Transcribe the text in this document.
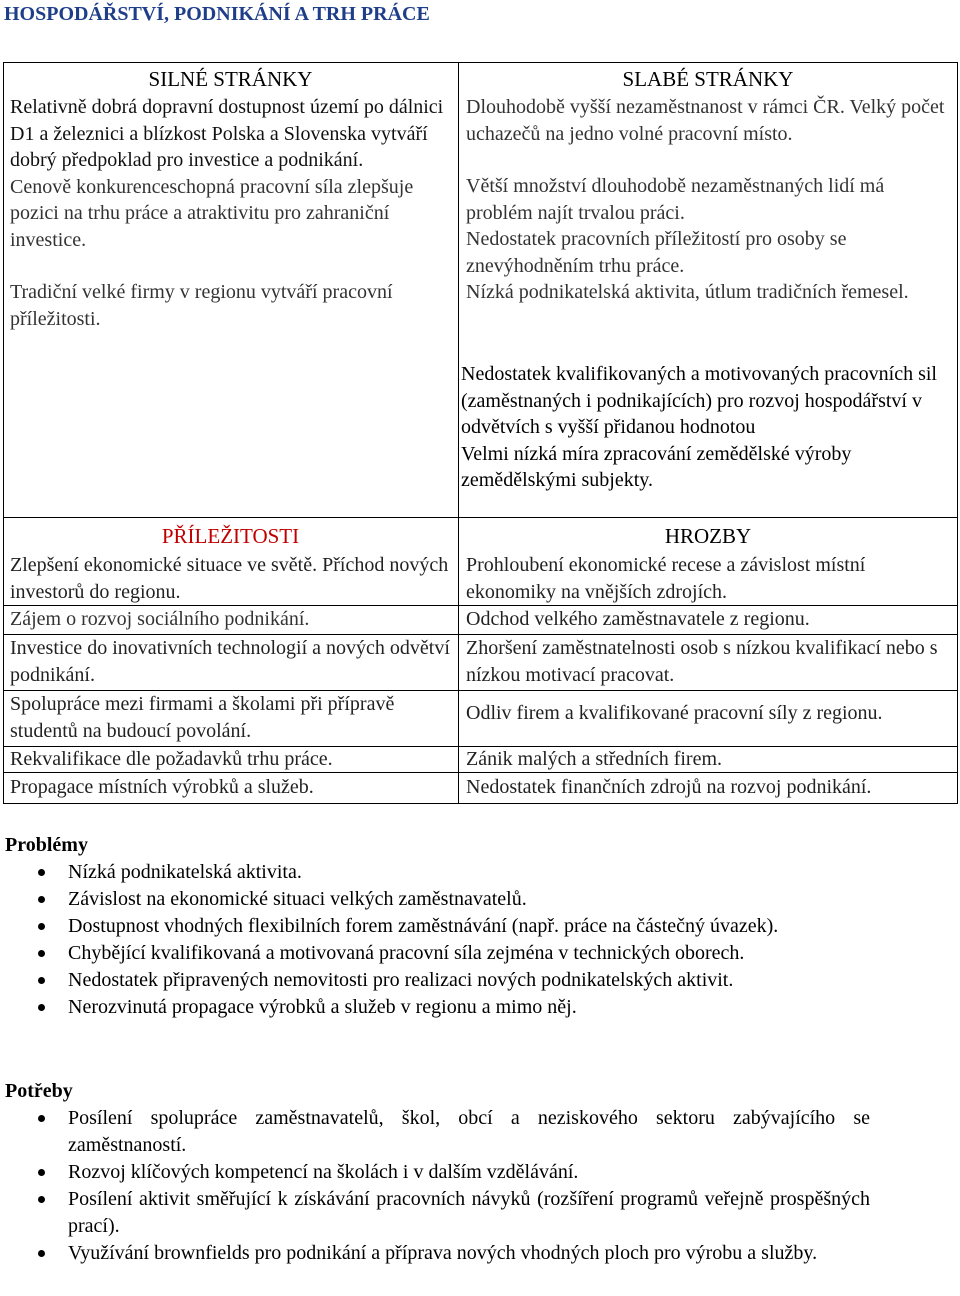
HOSPODÁŘSTVÍ, PODNIKÁNÍ A TRH PRÁCE
SILNÉ STRÁNKY

Relativně dobrá dopravní dostupnost území po dálnici D1 a železnici a blízkost Polska a Slovenska vytváří dobrý předpoklad pro investice a podnikání.

Cenově konkurenceschopná pracovní síla zlepšuje pozici na trhu práce a atraktivitu pro zahraniční investice.

Tradiční velké firmy v regionu vytváří pracovní příležitosti.

SLABÉ STRÁNKY

Dlouhodobě vyšší nezaměstnanost v rámci ČR. Velký počet uchazečů na jedno volné pracovní místo.

Větší množství dlouhodobě nezaměstnaných lidí má problém najít trvalou práci.

Nedostatek pracovních příležitostí pro osoby se znevýhodněním trhu práce.

Nízká podnikatelská aktivita, útlum tradičních řemesel.

Nedostatek kvalifikovaných a motivovaných pracovních sil (zaměstnaných i podnikajících) pro rozvoj hospodářství v odvětvích s vyšší přidanou hodnotou

Velmi nízká míra zpracování zemědělské výroby zemědělskými subjekty.

PŘÍLEŽITOSTI
Zlepšení ekonomické situace ve světě. Příchod nových investorů do regionu.
Zájem o rozvoj sociálního podnikání.
Investice do inovativních technologií a nových odvětví podnikání.
Spolupráce mezi firmami a školami při přípravě studentů na budoucí povolání.
Rekvalifikace dle požadavků trhu práce.
Propagace místních výrobků a služeb.
HROZBY
Prohloubení ekonomické recese a závislost místní ekonomiky na vnějších zdrojích.
Odchod velkého zaměstnavatele z regionu.
Zhoršení zaměstnatelnosti osob s nízkou kvalifikací nebo s nízkou motivací pracovat.
Odliv firem a kvalifikované pracovní síly z regionu.
Zánik malých a středních firem.
Nedostatek finančních zdrojů na rozvoj podnikání.
Problémy
Nízká podnikatelská aktivita.
Závislost na ekonomické situaci velkých zaměstnavatelů.
Dostupnost vhodných flexibilních forem zaměstnávání (např. práce na částečný úvazek).
Chybějící kvalifikovaná a motivovaná pracovní síla zejména v technických oborech.
Nedostatek připravených nemovitosti pro realizaci nových podnikatelských aktivit.
Nerozvinutá propagace výrobků a služeb v regionu a mimo něj.
Potřeby
Posílení spolupráce zaměstnavatelů, škol, obcí a neziskového sektoru zabývajícího se zaměstnaností.
Rozvoj klíčových kompetencí na školách i v dalším vzdělávání.
Posílení aktivit směřující k získávání pracovních návyků (rozšíření programů veřejně prospěšných prací).
Využívání brownfields pro podnikání a příprava nových vhodných ploch pro výrobu a služby.
